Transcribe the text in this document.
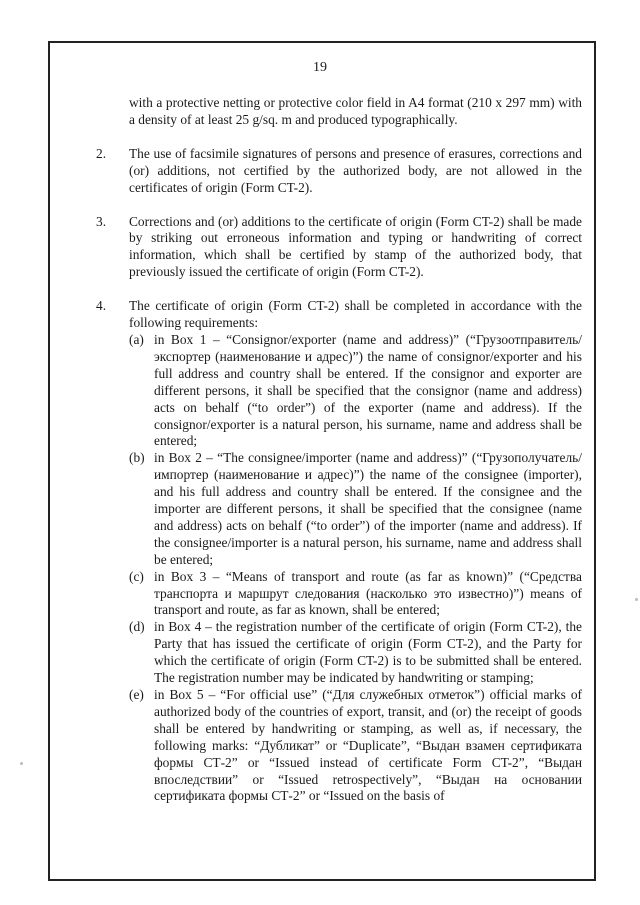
19
with a protective netting or protective color field in A4 format (210 x 297 mm) with a density of at least 25 g/sq. m and produced typographically.
2. The use of facsimile signatures of persons and presence of erasures, corrections and (or) additions, not certified by the authorized body, are not allowed in the certificates of origin (Form CT-2).
3. Corrections and (or) additions to the certificate of origin (Form CT-2) shall be made by striking out erroneous information and typing or handwriting of correct information, which shall be certified by stamp of the authorized body, that previously issued the certificate of origin (Form CT-2).
4. The certificate of origin (Form CT-2) shall be completed in accordance with the following requirements:
(a) in Box 1 – “Consignor/exporter (name and address)” (“Грузоотправитель/экспортер (наименование и адрес)”) the name of consignor/exporter and his full address and country shall be entered. If the consignor and exporter are different persons, it shall be specified that the consignor (name and address) acts on behalf (“to order”) of the exporter (name and address). If the consignor/exporter is a natural person, his surname, name and address shall be entered;
(b) in Box 2 – “The consignee/importer (name and address)” (“Грузополучатель/ импортер (наименование и адрес)”) the name of the consignee (importer), and his full address and country shall be entered. If the consignee and the importer are different persons, it shall be specified that the consignee (name and address) acts on behalf (“to order”) of the importer (name and address). If the consignee/importer is a natural person, his surname, name and address shall be entered;
(c) in Box 3 – “Means of transport and route (as far as known)” (“Средства транспорта и маршрут следования (насколько это известно)”) means of transport and route, as far as known, shall be entered;
(d) in Box 4 – the registration number of the certificate of origin (Form CT-2), the Party that has issued the certificate of origin (Form CT-2), and the Party for which the certificate of origin (Form CT-2) is to be submitted shall be entered. The registration number may be indicated by handwriting or stamping;
(e) in Box 5 – “For official use” (“Для служебных отметок”) official marks of authorized body of the countries of export, transit, and (or) the receipt of goods shall be entered by handwriting or stamping, as well as, if necessary, the following marks: “Дубликат” or “Duplicate”, “Выдан взамен сертификата формы СТ-2” or “Issued instead of certificate Form CT-2”, “Выдан впоследствии” or “Issued retrospectively”, “Выдан на основании сертификата формы СТ-2” or “Issued on the basis of
